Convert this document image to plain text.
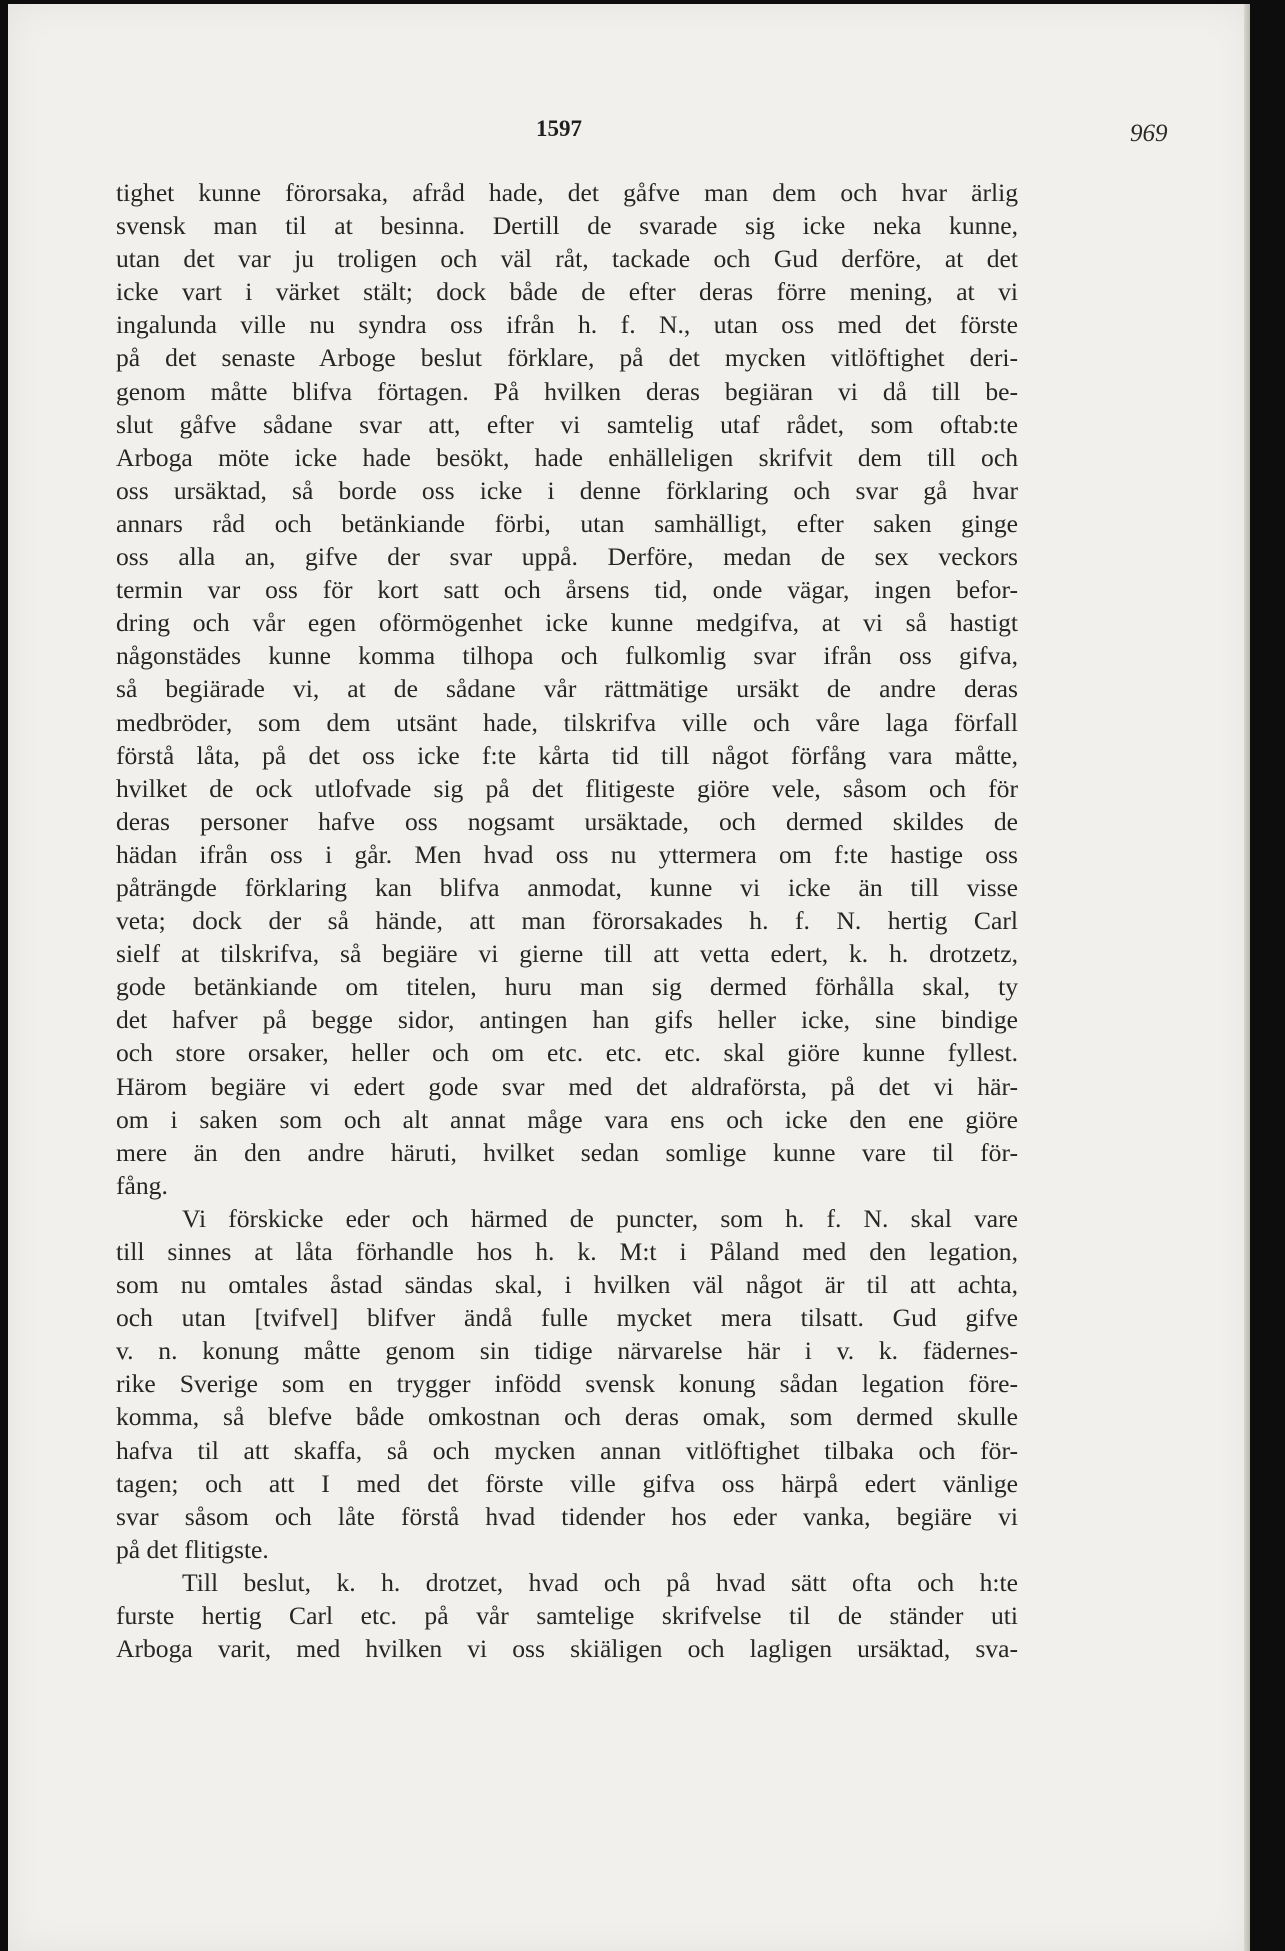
1597	969
tighet kunne förorsaka, afråd hade, det gåfve man dem och hvar ärlig
svensk man til at besinna. Dertill de svarade sig icke neka kunne,
utan det var ju troligen och väl råt, tackade och Gud derföre, at det
icke vart i värket stält; dock både de efter deras förre mening, at vi
ingalunda ville nu syndra oss ifrån h. f. N., utan oss med det förste
på det senaste Arboge beslut förklare, på det mycken vitlöftighet deri-
genom måtte blifva förtagen. På hvilken deras begiäran vi då till be-
slut gåfve sådane svar att, efter vi samtelig utaf rådet, som oftab:te
Arboga möte icke hade besökt, hade enhälleligen skrifvit dem till och
oss ursäktad, så borde oss icke i denne förklaring och svar gå hvar
annars råd och betänkiande förbi, utan samhälligt, efter saken ginge
oss alla an, gifve der svar uppå. Derföre, medan de sex veckors
termin var oss för kort satt och årsens tid, onde vägar, ingen befor-
dring och vår egen oförmögenhet icke kunne medgifva, at vi så hastigt
någonstädes kunne komma tilhopa och fulkomlig svar ifrån oss gifva,
så begiärade vi, at de sådane vår rättmätige ursäkt de andre deras
medbröder, som dem utsänt hade, tilskrifva ville och våre laga förfall
förstå låta, på det oss icke f:te kårta tid till något förfång vara måtte,
hvilket de ock utlofvade sig på det flitigeste giöre vele, såsom och för
deras personer hafve oss nogsamt ursäktade, och dermed skildes de
hädan ifrån oss i går. Men hvad oss nu yttermera om f:te hastige oss
påträngde förklaring kan blifva anmodat, kunne vi icke än till visse
veta; dock der så hände, att man förorsakades h. f. N. hertig Carl
sielf at tilskrifva, så begiäre vi gierne till att vetta edert, k. h. drotzetz,
gode betänkiande om titelen, huru man sig dermed förhålla skal, ty
det hafver på begge sidor, antingen han gifs heller icke, sine bindige
och store orsaker, heller och om etc. etc. etc. skal giöre kunne fyllest.
Härom begiäre vi edert gode svar med det aldraförsta, på det vi här-
om i saken som och alt annat måge vara ens och icke den ene giöre
mere än den andre häruti, hvilket sedan somlige kunne vare til för-
fång.
Vi förskicke eder och härmed de puncter, som h. f. N. skal vare
till sinnes at låta förhandle hos h. k. M:t i Påland med den legation,
som nu omtales åstad sändas skal, i hvilken väl något är til att achta,
och utan [tvifvel] blifver ändå fulle mycket mera tilsatt. Gud gifve
v. n. konung måtte genom sin tidige närvarelse här i v. k. fädernes-
rike Sverige som en trygger infödd svensk konung sådan legation före-
komma, så blefve både omkostnan och deras omak, som dermed skulle
hafva til att skaffa, så och mycken annan vitlöftighet tilbaka och för-
tagen; och att I med det förste ville gifva oss härpå edert vänlige
svar såsom och låte förstå hvad tidender hos eder vanka, begiäre vi
på det flitigste.
Till beslut, k. h. drotzet, hvad och på hvad sätt ofta och h:te
furste hertig Carl etc. på vår samtelige skrifvelse til de ständer uti
Arboga varit, med hvilken vi oss skiäligen och lagligen ursäktad, sva-
